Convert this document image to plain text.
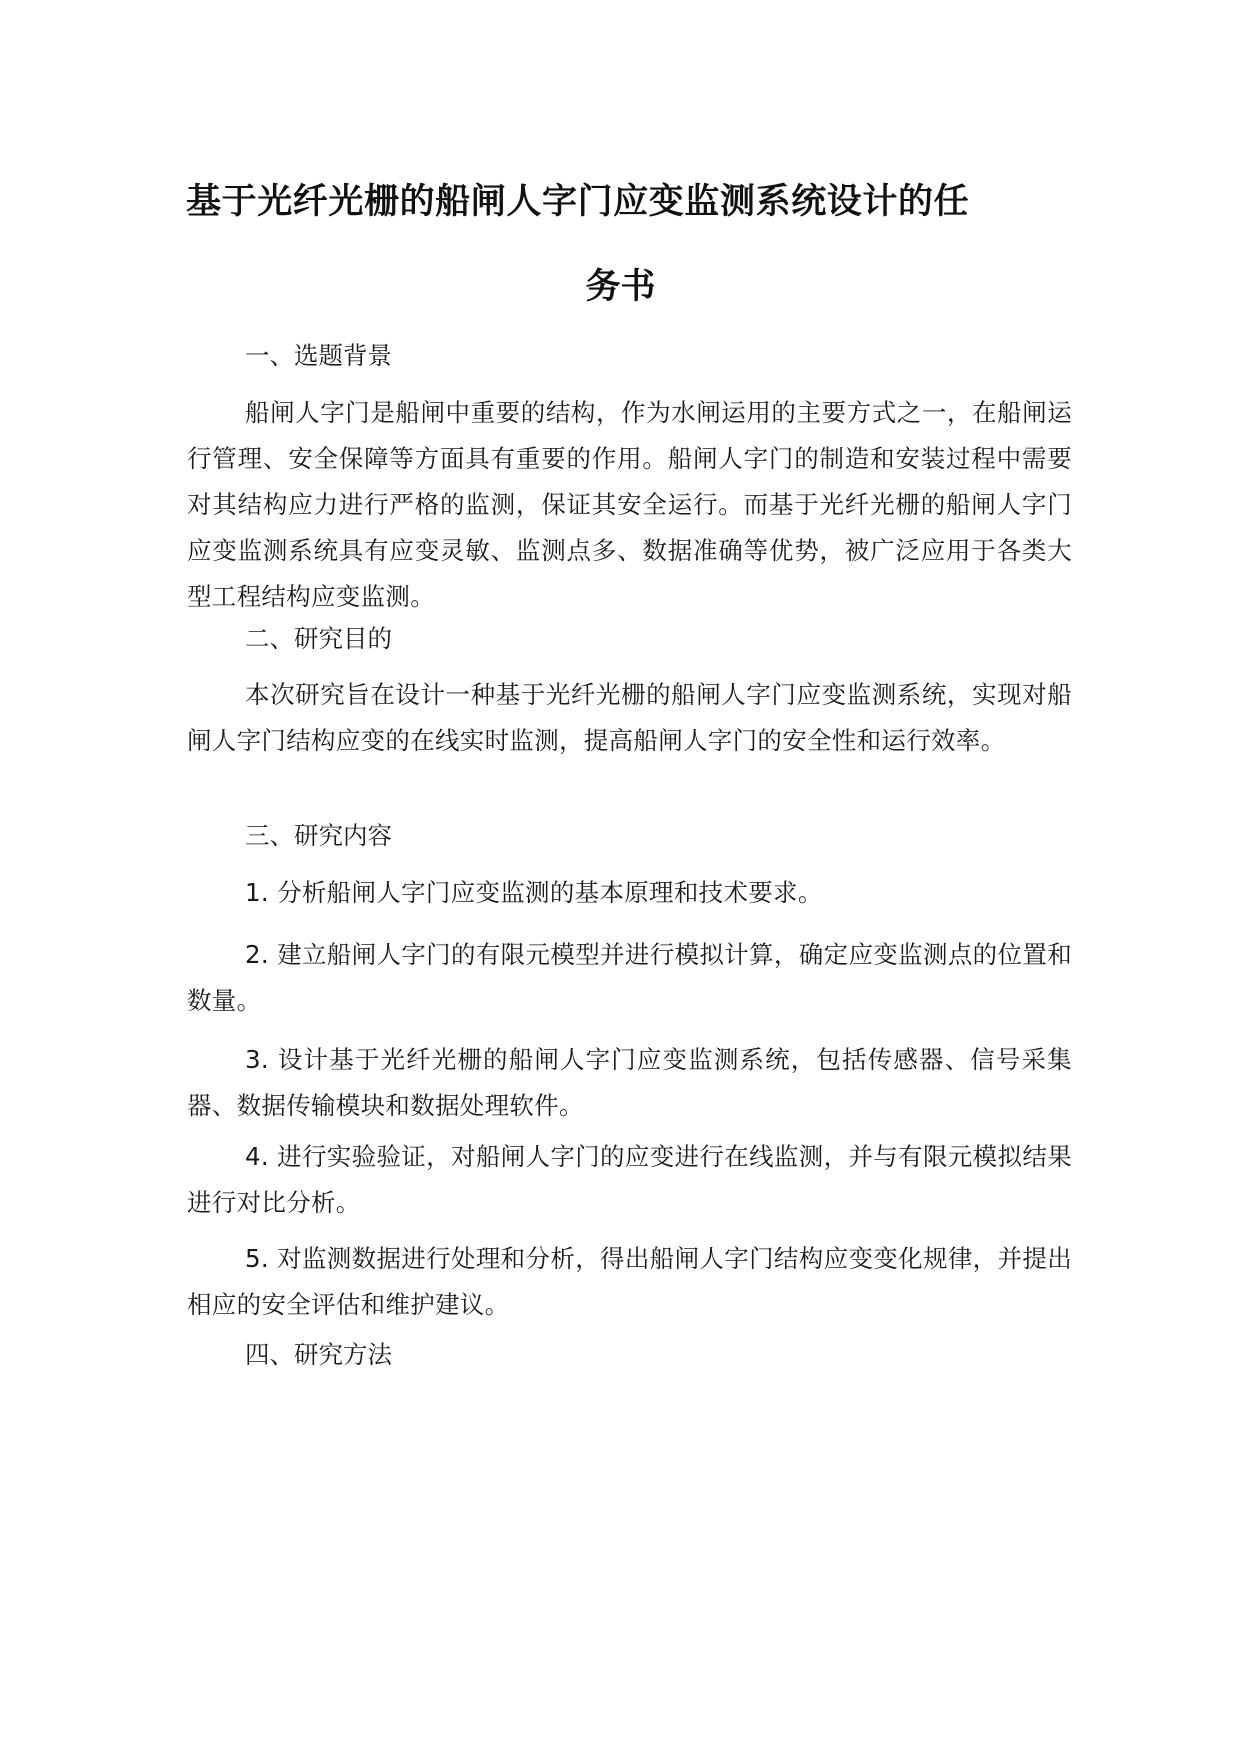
基于光纤光栅的船闸人字门应变监测系统设计的任
务书

一、选题背景

船闸人字门是船闸中重要的结构，作为水闸运用的主要方式之一，在船闸运行管理、安全保障等方面具有重要的作用。船闸人字门的制造和安装过程中需要对其结构应力进行严格的监测，保证其安全运行。而基于光纤光栅的船闸人字门应变监测系统具有应变灵敏、监测点多、数据准确等优势，被广泛应用于各类大型工程结构应变监测。

二、研究目的

本次研究旨在设计一种基于光纤光栅的船闸人字门应变监测系统，实现对船闸人字门结构应变的在线实时监测，提高船闸人字门的安全性和运行效率。

三、研究内容

1. 分析船闸人字门应变监测的基本原理和技术要求。

2. 建立船闸人字门的有限元模型并进行模拟计算，确定应变监测点的位置和数量。

3. 设计基于光纤光栅的船闸人字门应变监测系统，包括传感器、信号采集器、数据传输模块和数据处理软件。

4. 进行实验验证，对船闸人字门的应变进行在线监测，并与有限元模拟结果进行对比分析。

5. 对监测数据进行处理和分析，得出船闸人字门结构应变变化规律，并提出相应的安全评估和维护建议。

四、研究方法
